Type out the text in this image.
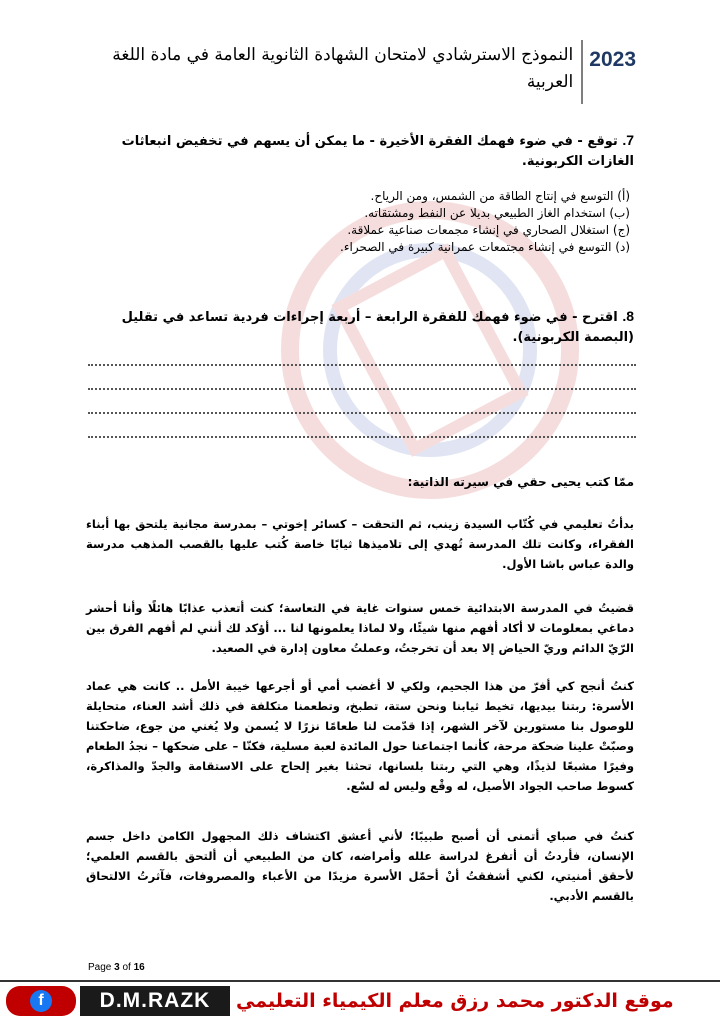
2023
النموذج الاسترشادي لامتحان الشهادة الثانوية العامة في مادة اللغة العربية
7. توقع - في ضوء فهمك الفقرة الأخيرة - ما يمكن أن يسهم في تخفيض انبعاثات الغازات الكربونية.
(أ) التوسع في إنتاج الطاقة من الشمس، ومن الرياح.
(ب) استخدام الغاز الطبيعي بديلا عن النفط ومشتقاته.
(ج) استغلال الصحاري في إنشاء مجمعات صناعية عملاقة.
(د) التوسع في إنشاء مجتمعات عمرانية كبيرة في الصحراء.
8. اقترح - في ضوء فهمك للفقرة الرابعة – أربعة إجراءات فردية تساعد في تقليل (البصمة الكربونية).
ممّا كتب يحيى حقي في سيرته الذاتية:
بدأتُ تعليمي في كُتّاب السيدة زينب، ثم التحقت – كسائر إخوتي – بمدرسة مجانية يلتحق بها أبناء الفقراء، وكانت تلك المدرسة تُهدي إلى تلاميذها ثيابًا خاصة كُتب عليها بالقصب المذهب مدرسة والدة عباس باشا الأول.
قضيتُ في المدرسة الابتدائية خمس سنوات غاية في التعاسة؛ كنت أتعذب عذابًا هائلًا وأنا أحشر دماغي بمعلومات لا أكاد أفهم منها شيئًا، ولا لماذا يعلمونها لنا ... أؤكد لك أنني لم أفهم الفرق بين الرّيّ الدائم وريّ الحياض إلا بعد أن تخرجتُ، وعملتُ معاون إدارة في الصعيد.
كنتُ أنجح كي أفرّ من هذا الجحيم، ولكي لا أغضب أمي أو أجرعها خيبة الأمل .. كانت هي عماد الأسرة: ربتنا بيديها، تخيط ثيابنا ونحن ستة، تطبخ، وتطعمنا متكلفة في ذلك أشد العناء، متحايلة للوصول بنا مستورين لآخر الشهر، إذا قدّمت لنا طعامًا نزرًا لا يُسمن ولا يُغني من جوع، ضاحكتنا وصبّتْ علينا ضحكة مرحة، كأنما اجتماعنا حول المائدة لعبة مسلية، فكنّا – على ضحكها – نجدُ الطعام وفيرًا مشبعًا لذيذًا، وهي التي ربتنا بلسانها، تحثنا بغير إلحاح على الاستقامة والجدّ والمذاكرة، كسوط صاحب الجواد الأصيل، له وقْع وليس له لسْع.
كنتُ في صباي أتمنى أن أصبح طبيبًا؛ لأني أعشق اكتشاف ذلك المجهول الكامن داخل جسم الإنسان، فأردتُ أن أتفرغ لدراسة علله وأمراضه، كان من الطبيعي أن ألتحق بالقسم العلمي؛ لأحقق أمنيتي، لكني أشفقتُ أنْ أحمّل الأسرة مزيدًا من الأعباء والمصروفات، فآثرتُ الالتحاق بالقسم الأدبي.
Page 3 of 16
f	D.M.RAZK موقع الدكتور محمد رزق معلم الكيمياء التعليمي
